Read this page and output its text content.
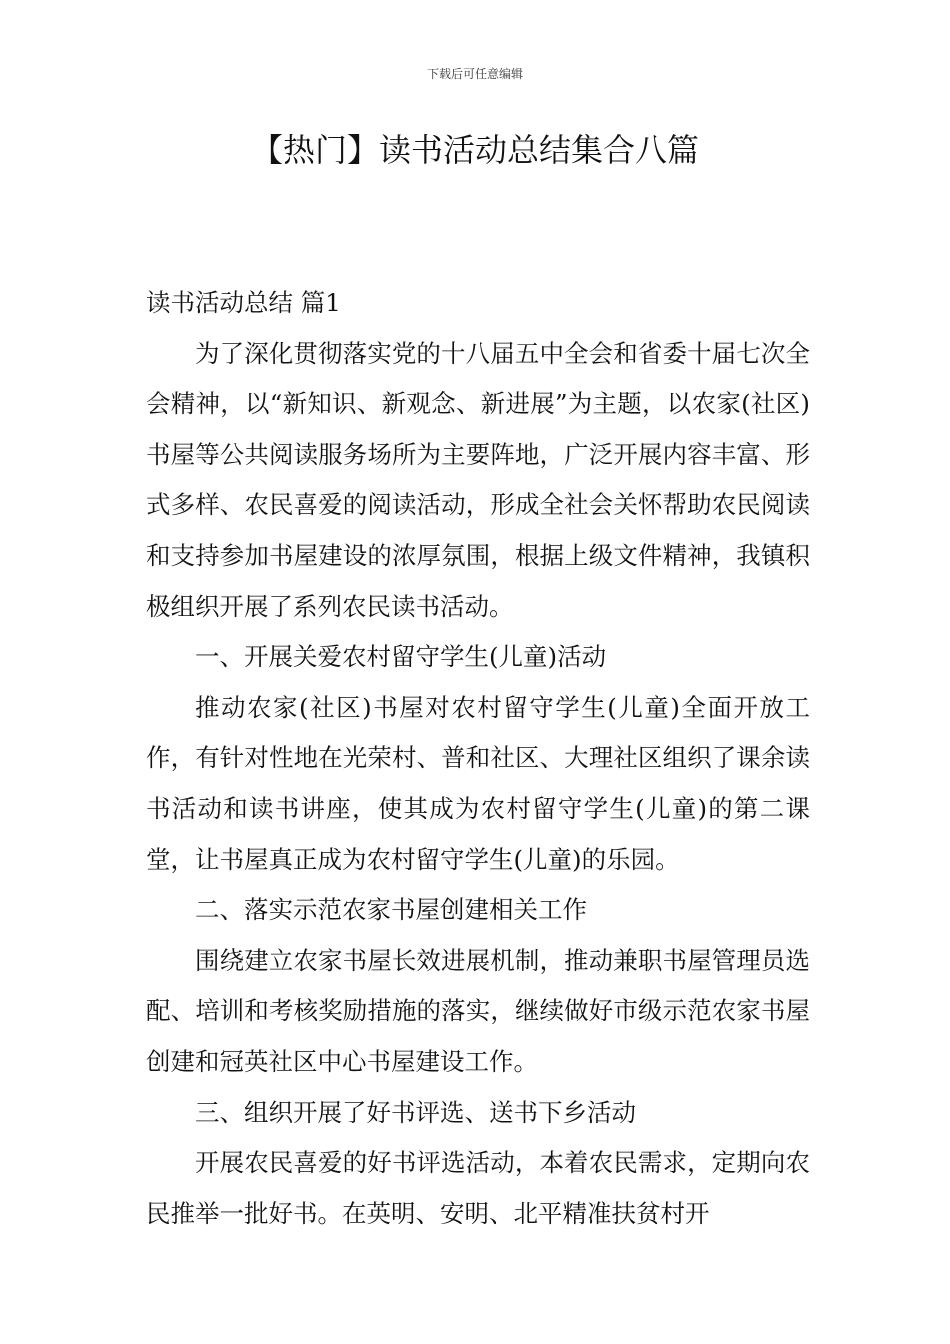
下载后可任意编辑
【热门】读书活动总结集合八篇

读书活动总结 篇1

为了深化贯彻落实党的十八届五中全会和省委十届七次全会精神，以“新知识、新观念、新进展”为主题，以农家(社区)书屋等公共阅读服务场所为主要阵地，广泛开展内容丰富、形式多样、农民喜爱的阅读活动，形成全社会关怀帮助农民阅读和支持参加书屋建设的浓厚氛围，根据上级文件精神，我镇积极组织开展了系列农民读书活动。

一、开展关爱农村留守学生(儿童)活动

推动农家(社区)书屋对农村留守学生(儿童)全面开放工作，有针对性地在光荣村、普和社区、大理社区组织了课余读书活动和读书讲座，使其成为农村留守学生(儿童)的第二课堂，让书屋真正成为农村留守学生(儿童)的乐园。

二、落实示范农家书屋创建相关工作

围绕建立农家书屋长效进展机制，推动兼职书屋管理员选配、培训和考核奖励措施的落实，继续做好市级示范农家书屋创建和冠英社区中心书屋建设工作。

三、组织开展了好书评选、送书下乡活动

开展农民喜爱的好书评选活动，本着农民需求，定期向农民推举一批好书。在英明、安明、北平精准扶贫村开
